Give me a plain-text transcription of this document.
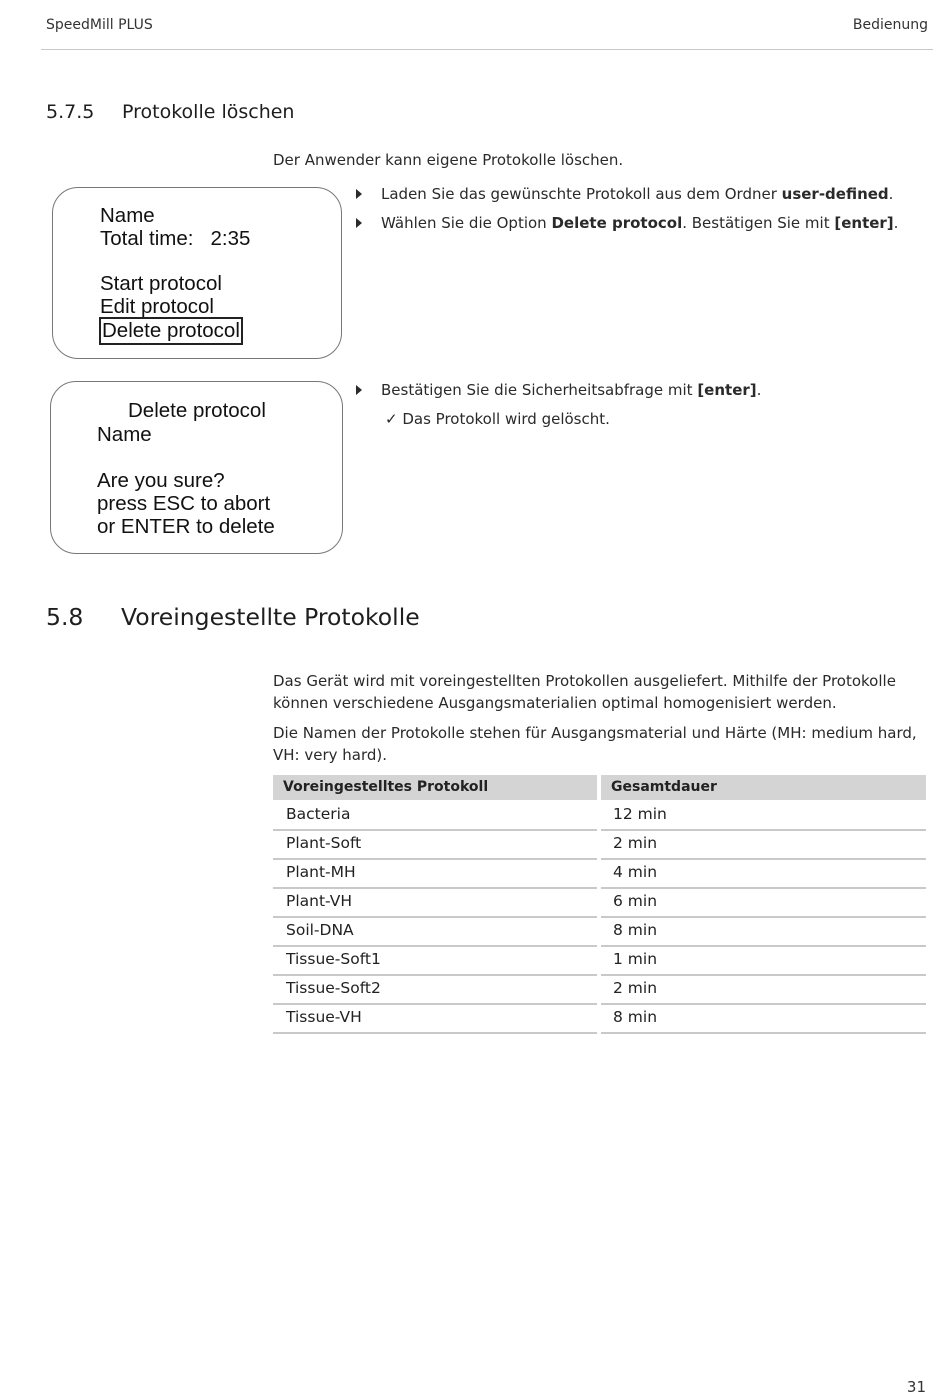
SpeedMill PLUS	Bedienung
5.7.5 Protokolle löschen
Der Anwender kann eigene Protokolle löschen.
Laden Sie das gewünschte Protokoll aus dem Ordner user-defined.
Wählen Sie die Option Delete protocol. Bestätigen Sie mit [enter].
Bestätigen Sie die Sicherheitsabfrage mit [enter].
✓ Das Protokoll wird gelöscht.
Name
Total time: 2:35
Start protocol
Edit protocol
Delete protocol
Delete protocol
Name
Are you sure?
press ESC to abort
or ENTER to delete
5.8 Voreingestellte Protokolle
Das Gerät wird mit voreingestellten Protokollen ausgeliefert. Mithilfe der Protokolle
können verschiedene Ausgangsmaterialien optimal homogenisiert werden.
Die Namen der Protokolle stehen für Ausgangsmaterial und Härte (MH: medium hard,
VH: very hard).
Voreingestelltes Protokoll	Gesamtdauer
Bacteria	12 min
Plant-Soft	2 min
Plant-MH	4 min
Plant-VH	6 min
Soil-DNA	8 min
Tissue-Soft1	1 min
Tissue-Soft2	2 min
Tissue-VH	8 min
31
